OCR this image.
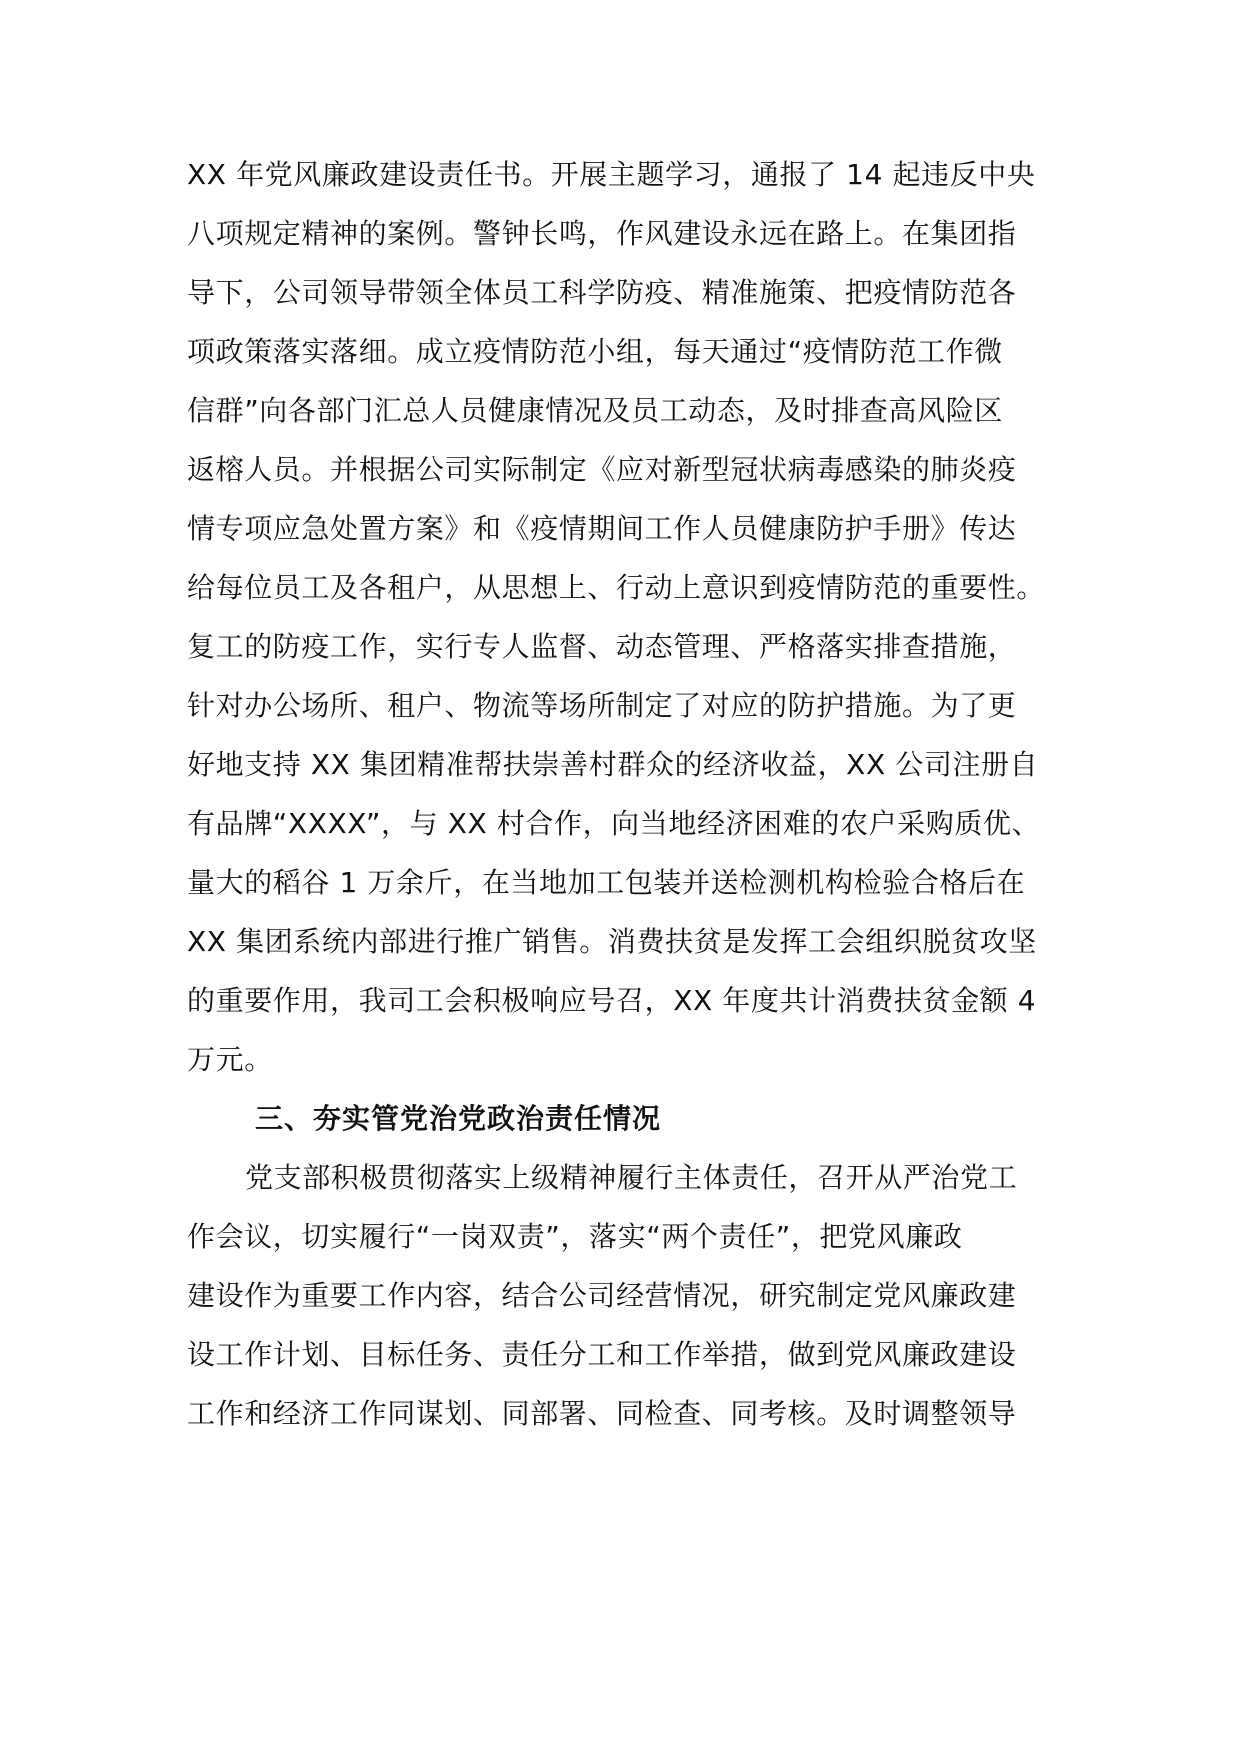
XX 年党风廉政建设责任书。开展主题学习，通报了 14 起违反中央
八项规定精神的案例。警钟长鸣，作风建设永远在路上。在集团指
导下，公司领导带领全体员工科学防疫、精准施策、把疫情防范各
项政策落实落细。成立疫情防范小组，每天通过“疫情防范工作微
信群”向各部门汇总人员健康情况及员工动态，及时排查高风险区
返榕人员。并根据公司实际制定《应对新型冠状病毒感染的肺炎疫
情专项应急处置方案》和《疫情期间工作人员健康防护手册》传达
给每位员工及各租户，从思想上、行动上意识到疫情防范的重要性。
复工的防疫工作，实行专人监督、动态管理、严格落实排查措施，
针对办公场所、租户、物流等场所制定了对应的防护措施。为了更
好地支持 XX 集团精准帮扶崇善村群众的经济收益，XX 公司注册自
有品牌“XXXX”，与 XX 村合作，向当地经济困难的农户采购质优、
量大的稻谷 1 万余斤，在当地加工包装并送检测机构检验合格后在
XX 集团系统内部进行推广销售。消费扶贫是发挥工会组织脱贫攻坚
的重要作用，我司工会积极响应号召，XX 年度共计消费扶贫金额 4
万元。
三、夯实管党治党政治责任情况
党支部积极贯彻落实上级精神履行主体责任，召开从严治党工
作会议，切实履行“一岗双责”，落实“两个责任”，把党风廉政
建设作为重要工作内容，结合公司经营情况，研究制定党风廉政建
设工作计划、目标任务、责任分工和工作举措，做到党风廉政建设
工作和经济工作同谋划、同部署、同检查、同考核。及时调整领导
